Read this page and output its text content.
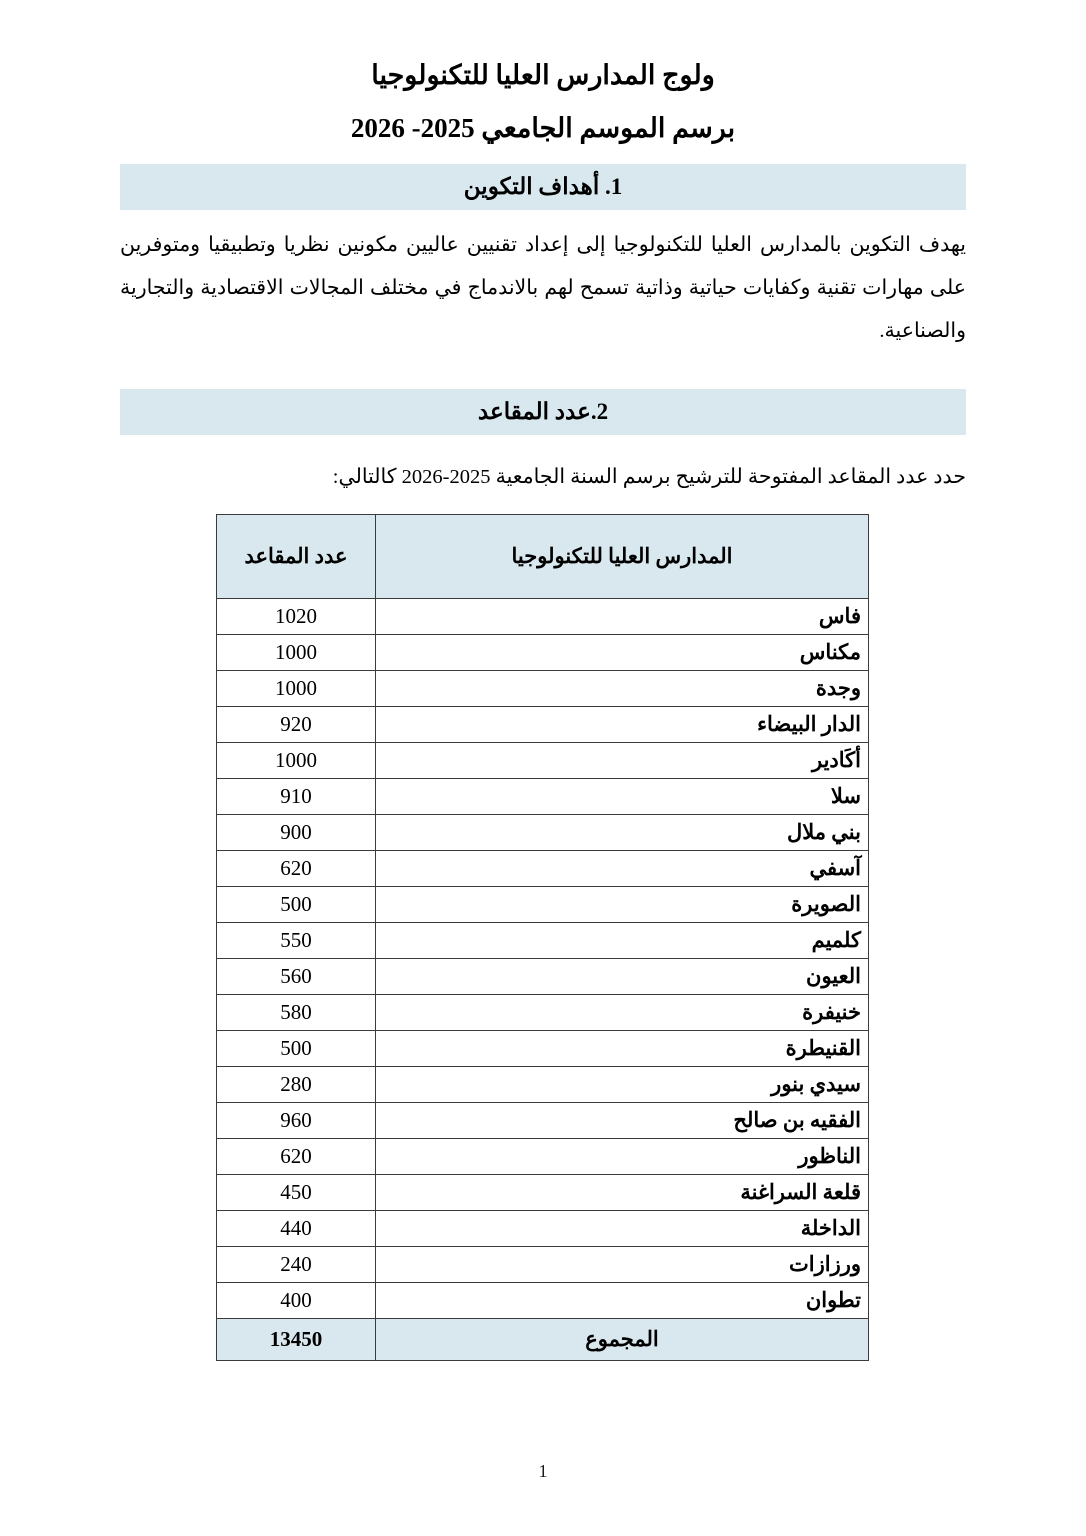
ولوج المدارس العليا للتكنولوجيا
برسم الموسم الجامعي 2025- 2026
1. أهداف التكوين
يهدف التكوين بالمدارس العليا للتكنولوجيا إلى إعداد تقنيين عاليين مكونين نظريا وتطبيقيا ومتوفرين على مهارات تقنية وكفايات حياتية وذاتية تسمح لهم بالاندماج في مختلف المجالات الاقتصادية والتجارية والصناعية.
2.عدد المقاعد
حدد عدد المقاعد المفتوحة للترشيح برسم السنة الجامعية 2025-2026 كالتالي:
المدارس العليا للتكنولوجيا	عدد المقاعد
فاس	1020
مكناس	1000
وجدة	1000
الدار البيضاء	920
أكَادير	1000
سلا	910
بني ملال	900
آسفي	620
الصويرة	500
كلميم	550
العيون	560
خنيفرة	580
القنيطرة	500
سيدي بنور	280
الفقيه بن صالح	960
الناظور	620
قلعة السراغنة	450
الداخلة	440
ورزازات	240
تطوان	400
المجموع	13450
1
